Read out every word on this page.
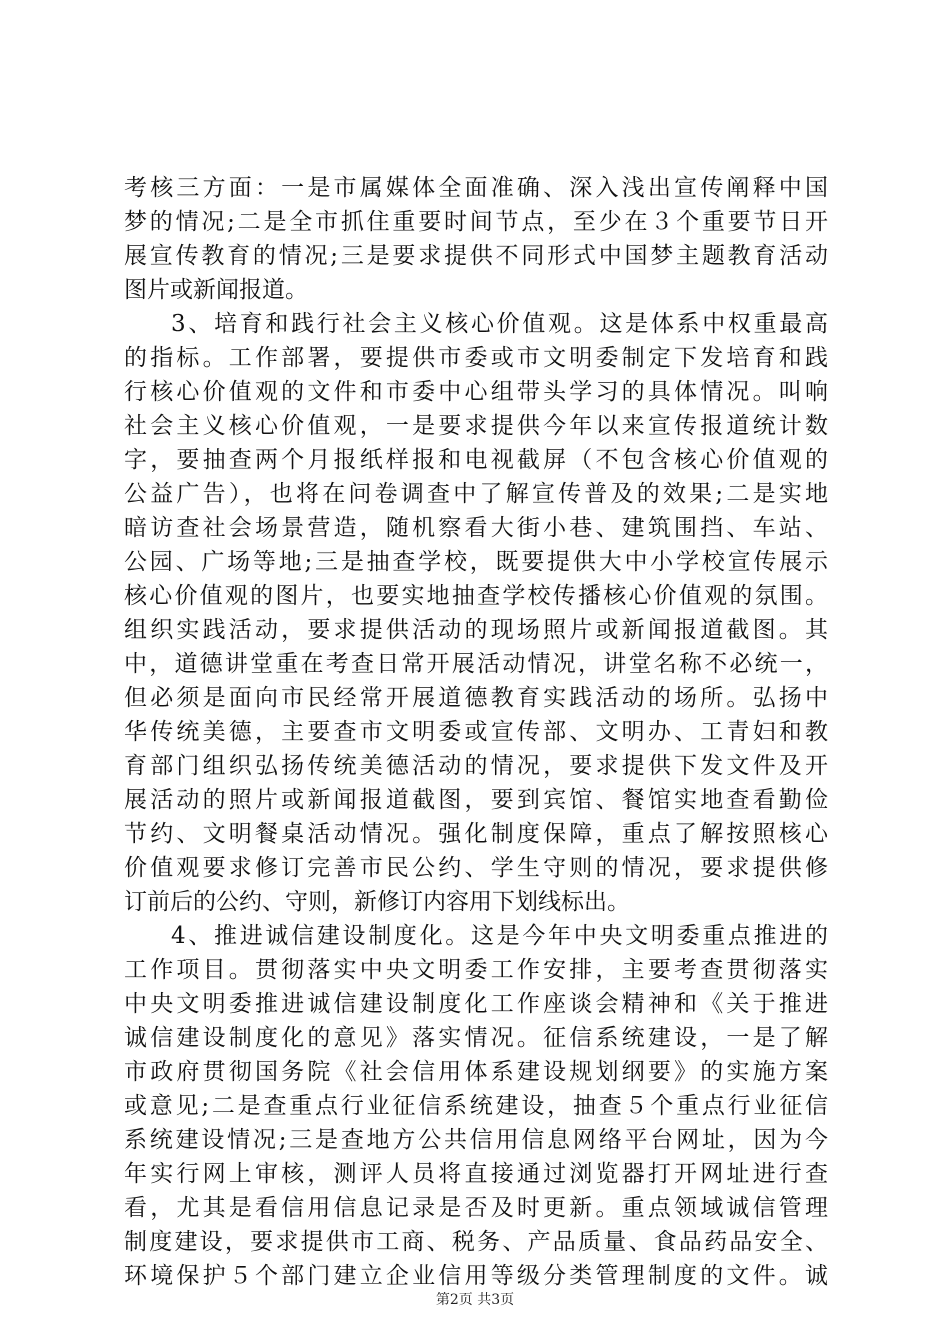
考核三方面：一是市属媒体全面准确、深入浅出宣传阐释中国
梦的情况;二是全市抓住重要时间节点，至少在３个重要节日开
展宣传教育的情况;三是要求提供不同形式中国梦主题教育活动
图片或新闻报道。
3、培育和践行社会主义核心价值观。这是体系中权重最高
的指标。工作部署，要提供市委或市文明委制定下发培育和践
行核心价值观的文件和市委中心组带头学习的具体情况。叫响
社会主义核心价值观，一是要求提供今年以来宣传报道统计数
字，要抽查两个月报纸样报和电视截屏（不包含核心价值观的
公益广告），也将在问卷调查中了解宣传普及的效果;二是实地
暗访查社会场景营造，随机察看大街小巷、建筑围挡、车站、
公园、广场等地;三是抽查学校，既要提供大中小学校宣传展示
核心价值观的图片，也要实地抽查学校传播核心价值观的氛围。
组织实践活动，要求提供活动的现场照片或新闻报道截图。其
中，道德讲堂重在考查日常开展活动情况，讲堂名称不必统一，
但必须是面向市民经常开展道德教育实践活动的场所。弘扬中
华传统美德，主要查市文明委或宣传部、文明办、工青妇和教
育部门组织弘扬传统美德活动的情况，要求提供下发文件及开
展活动的照片或新闻报道截图，要到宾馆、餐馆实地查看勤俭
节约、文明餐桌活动情况。强化制度保障，重点了解按照核心
价值观要求修订完善市民公约、学生守则的情况，要求提供修
订前后的公约、守则，新修订内容用下划线标出。
4、推进诚信建设制度化。这是今年中央文明委重点推进的
工作项目。贯彻落实中央文明委工作安排，主要考查贯彻落实
中央文明委推进诚信建设制度化工作座谈会精神和《关于推进
诚信建设制度化的意见》落实情况。征信系统建设，一是了解
市政府贯彻国务院《社会信用体系建设规划纲要》的实施方案
或意见;二是查重点行业征信系统建设，抽查５个重点行业征信
系统建设情况;三是查地方公共信用信息网络平台网址，因为今
年实行网上审核，测评人员将直接通过浏览器打开网址进行查
看，尤其是看信用信息记录是否及时更新。重点领域诚信管理
制度建设，要求提供市工商、税务、产品质量、食品药品安全、
环境保护５个部门建立企业信用等级分类管理制度的文件。诚
第2页 共3页
